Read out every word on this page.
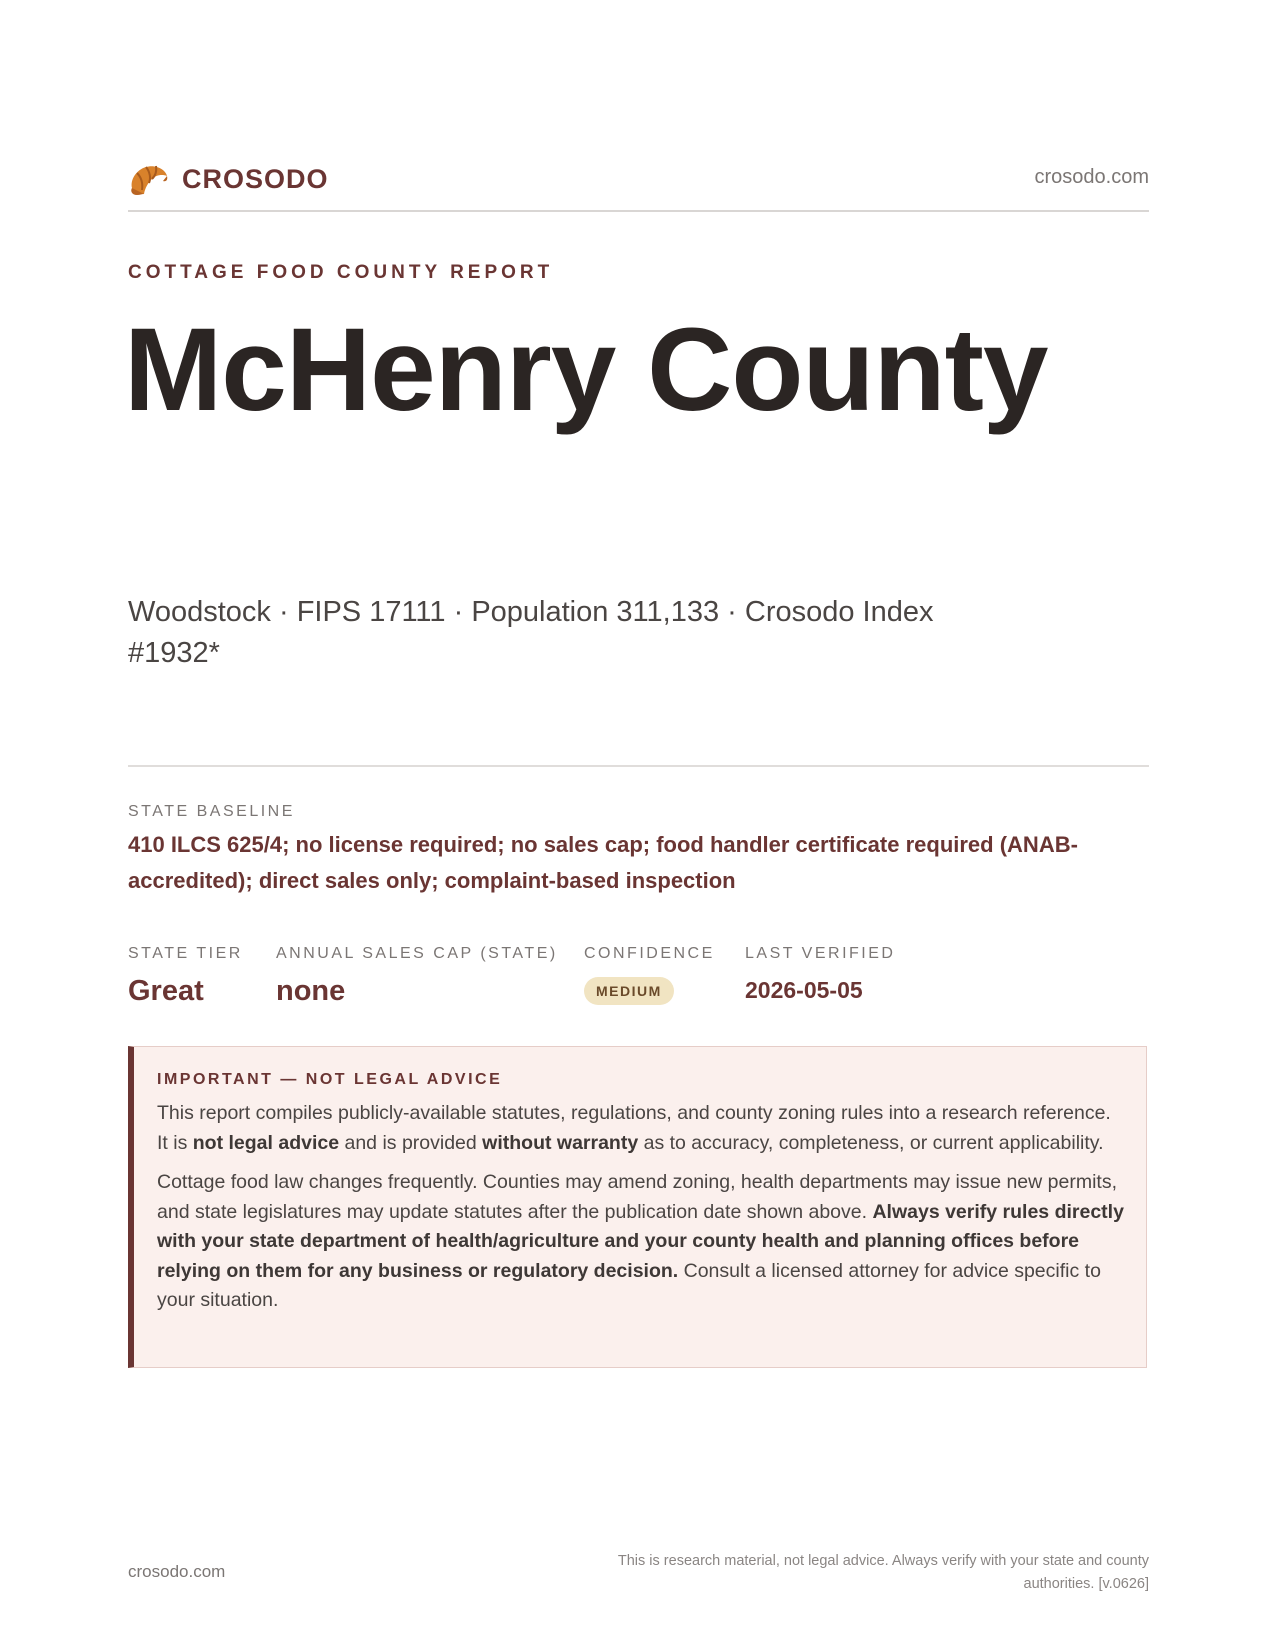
CROSODO	crosodo.com
COTTAGE FOOD COUNTY REPORT
McHenry County
Woodstock · FIPS 17111 · Population 311,133 · Crosodo Index #1932*
STATE BASELINE
410 ILCS 625/4; no license required; no sales cap; food handler certificate required (ANAB-accredited); direct sales only; complaint-based inspection
STATE TIER
Great
ANNUAL SALES CAP (STATE)
none
CONFIDENCE
MEDIUM
LAST VERIFIED
2026-05-05
IMPORTANT — NOT LEGAL ADVICE

This report compiles publicly-available statutes, regulations, and county zoning rules into a research reference. It is not legal advice and is provided without warranty as to accuracy, completeness, or current applicability.

Cottage food law changes frequently. Counties may amend zoning, health departments may issue new permits, and state legislatures may update statutes after the publication date shown above. Always verify rules directly with your state department of health/agriculture and your county health and planning offices before relying on them for any business or regulatory decision. Consult a licensed attorney for advice specific to your situation.

crosodo.com
This is research material, not legal advice. Always verify with your state and county authorities. [v.0626]
